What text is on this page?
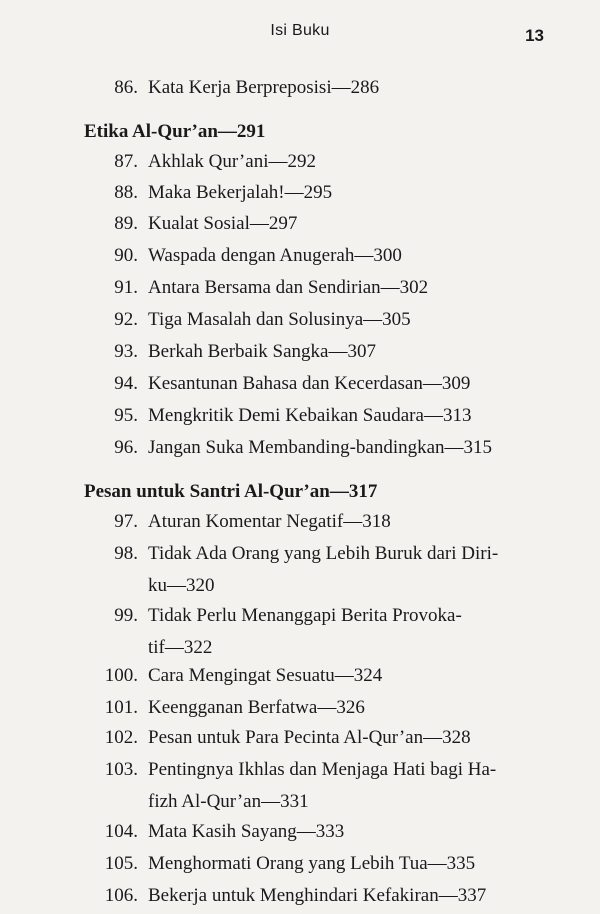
Isi Buku	13
86. Kata Kerja Berpreposisi—286
Etika Al-Qur’an—291
87. Akhlak Qur’ani—292
88. Maka Bekerjalah!—295
89. Kualat Sosial—297
90. Waspada dengan Anugerah—300
91. Antara Bersama dan Sendirian—302
92. Tiga Masalah dan Solusinya—305
93. Berkah Berbaik Sangka—307
94. Kesantunan Bahasa dan Kecerdasan—309
95. Mengkritik Demi Kebaikan Saudara—313
96. Jangan Suka Membanding-bandingkan—315
Pesan untuk Santri Al-Qur’an—317
97. Aturan Komentar Negatif—318
98. Tidak Ada Orang yang Lebih Buruk dari Diri-
ku—320
99. Tidak Perlu Menanggapi Berita Provoka-
tif—322
100. Cara Mengingat Sesuatu—324
101. Keengganan Berfatwa—326
102. Pesan untuk Para Pecinta Al-Qur’an—328
103. Pentingnya Ikhlas dan Menjaga Hati bagi Ha-
fizh Al-Qur’an—331
104. Mata Kasih Sayang—333
105. Menghormati Orang yang Lebih Tua—335
106. Bekerja untuk Menghindari Kefakiran—337
